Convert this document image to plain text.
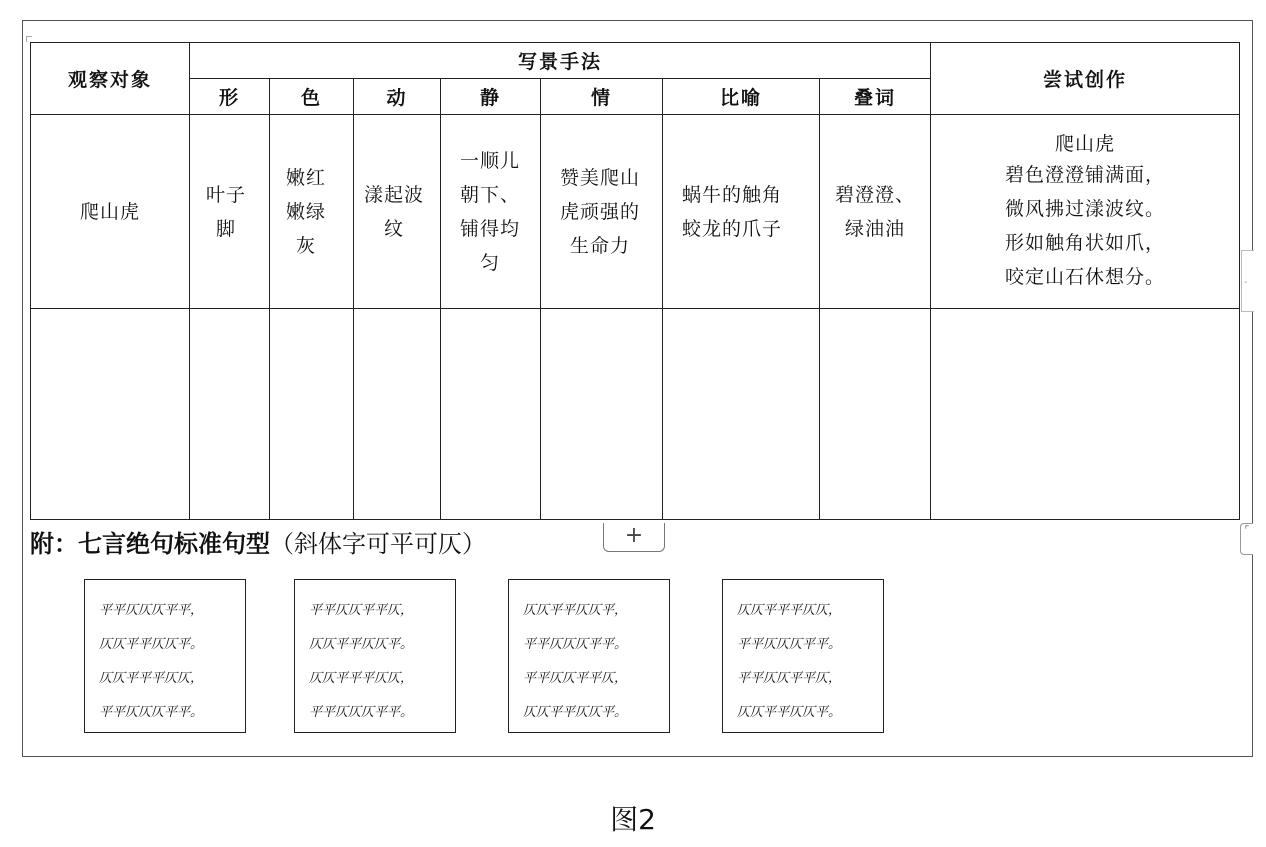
观察对象	写景手法							尝试创作
	形	色	动	静	情	比喻	叠词	
爬山虎	叶子脚	嫩红嫩绿灰	漾起波纹	一顺儿朝下、铺得均匀	赞美爬山虎顽强的生命力	蜗牛的触角蛟龙的爪子	碧澄澄、绿油油	爬山虎
碧色澄澄铺满面，
微风拂过漾波纹。
形如触角状如爪，
咬定山石休想分。

									-
附：七言绝句标准句型（斜体字可平可仄）	+	⌜
平平仄仄仄平平，
仄仄平平仄仄平。
仄仄平平平仄仄，
平平仄仄仄平平。
平平仄仄平平仄，
仄仄平平仄仄平。
仄仄平平平仄仄，
平平仄仄仄平平。
仄仄平平仄仄平，
平平仄仄仄平平。
平平仄仄平平仄，
仄仄平平仄仄平。
仄仄平平平仄仄，
平平仄仄仄平平。
平平仄仄平平仄，
仄仄平平仄仄平。
图2
